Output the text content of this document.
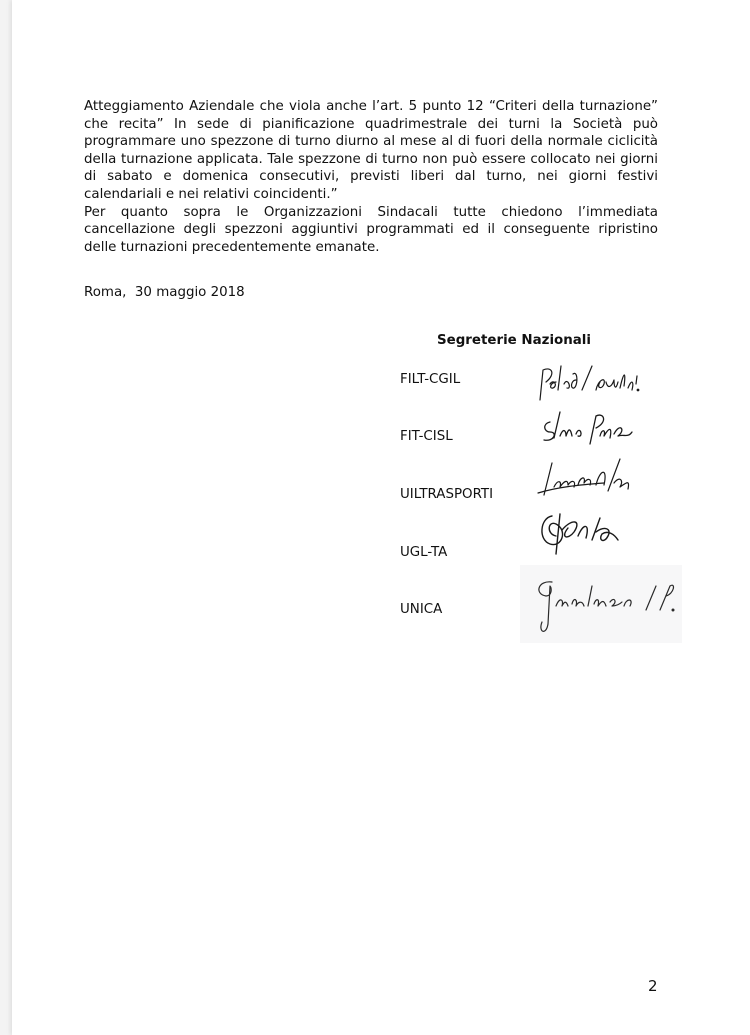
Atteggiamento Aziendale che viola anche l’art. 5 punto 12 “Criteri della turnazione” che recita” In sede di pianificazione quadrimestrale dei turni la Società può programmare uno spezzone di turno diurno al mese al di fuori della normale ciclicità della turnazione applicata. Tale spezzone di turno non può essere collocato nei giorni di sabato e domenica consecutivi, previsti liberi dal turno, nei giorni festivi calendariali e nei relativi coincidenti.”

Per quanto sopra le Organizzazioni Sindacali tutte chiedono l’immediata cancellazione degli spezzoni aggiuntivi programmati ed il conseguente ripristino delle turnazioni precedentemente emanate.

Roma,  30 maggio 2018
Segreterie Nazionali
FILT-CGIL
FIT-CISL
UILTRASPORTI
UGL-TA
UNICA
2
